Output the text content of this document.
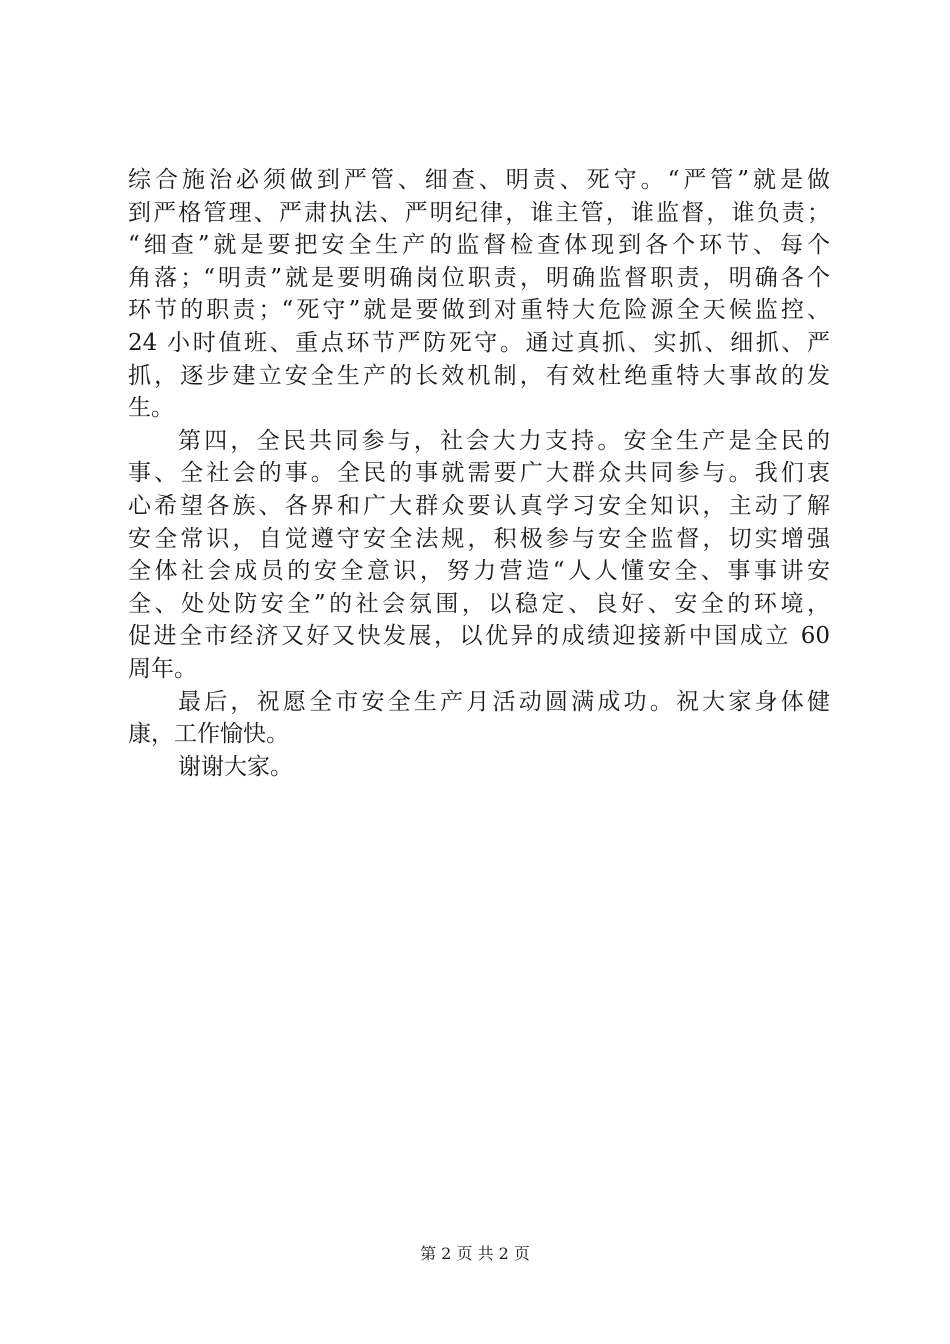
综合施治必须做到严管、细查、明责、死守。“严管”就是做
到严格管理、严肃执法、严明纪律，谁主管，谁监督，谁负责；
“细查”就是要把安全生产的监督检查体现到各个环节、每个
角落；“明责”就是要明确岗位职责，明确监督职责，明确各个
环节的职责；“死守”就是要做到对重特大危险源全天候监控、
24 小时值班、重点环节严防死守。通过真抓、实抓、细抓、严
抓，逐步建立安全生产的长效机制，有效杜绝重特大事故的发
生。
第四，全民共同参与，社会大力支持。安全生产是全民的
事、全社会的事。全民的事就需要广大群众共同参与。我们衷
心希望各族、各界和广大群众要认真学习安全知识，主动了解
安全常识，自觉遵守安全法规，积极参与安全监督，切实增强
全体社会成员的安全意识，努力营造“人人懂安全、事事讲安
全、处处防安全”的社会氛围，以稳定、良好、安全的环境，
促进全市经济又好又快发展，以优异的成绩迎接新中国成立 60
周年。
最后，祝愿全市安全生产月活动圆满成功。祝大家身体健
康，工作愉快。
谢谢大家。
第 2 页 共 2 页
